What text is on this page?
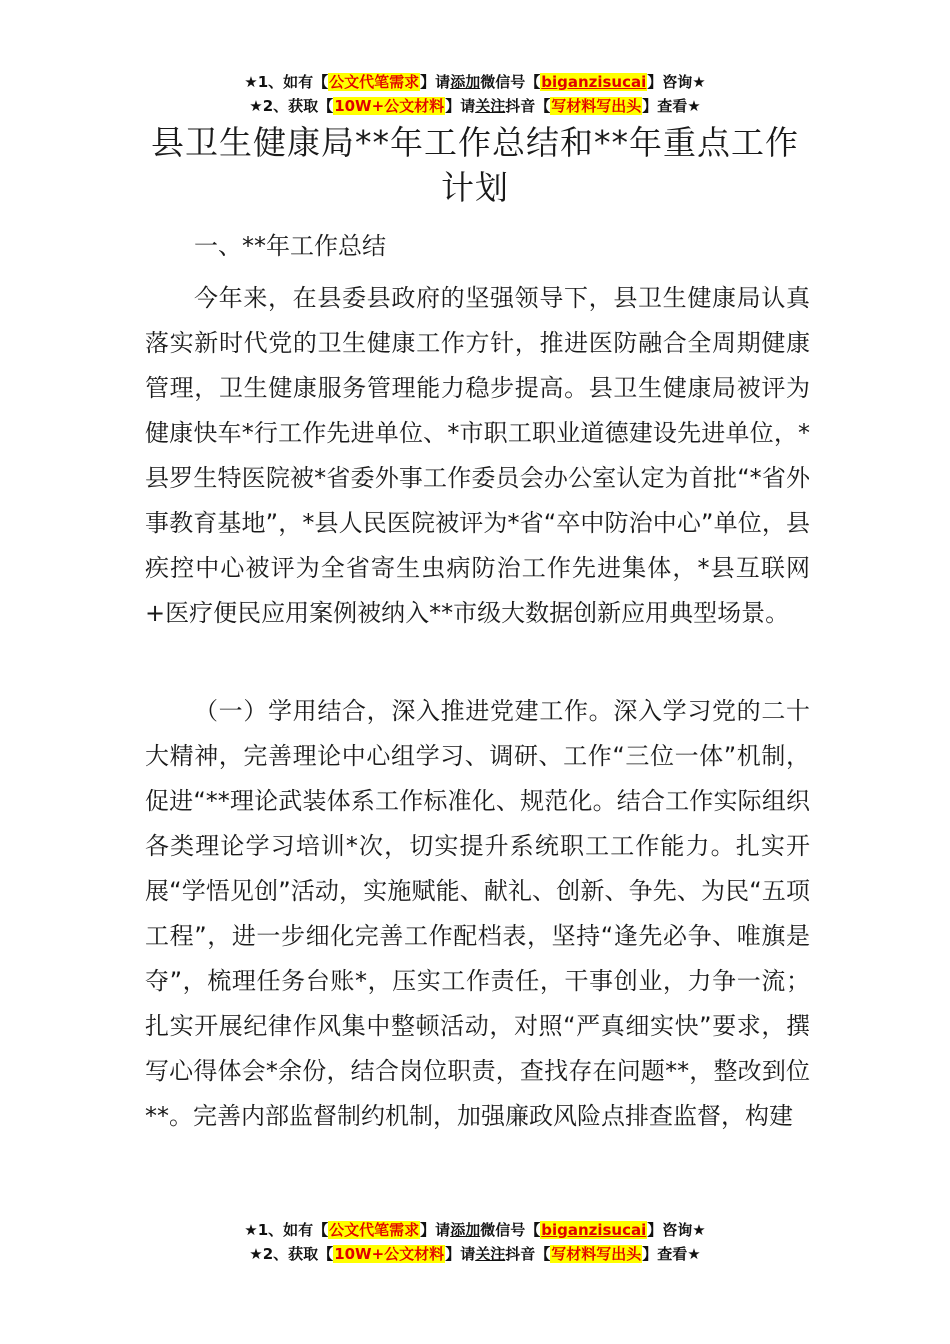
★1、如有【公文代笔需求】请添加微信号【biganzisucai】咨询★
★2、获取【10W+公文材料】请关注抖音【写材料写出头】查看★
县卫生健康局**年工作总结和**年重点工作计划
一、**年工作总结

今年来，在县委县政府的坚强领导下，县卫生健康局认真落实新时代党的卫生健康工作方针，推进医防融合全周期健康管理，卫生健康服务管理能力稳步提高。县卫生健康局被评为健康快车*行工作先进单位、*市职工职业道德建设先进单位，*县罗生特医院被*省委外事工作委员会办公室认定为首批“*省外事教育基地”，*县人民医院被评为*省“卒中防治中心”单位，县疾控中心被评为全省寄生虫病防治工作先进集体，*县互联网+医疗便民应用案例被纳入**市级大数据创新应用典型场景。

（一）学用结合，深入推进党建工作。深入学习党的二十大精神，完善理论中心组学习、调研、工作“三位一体”机制，促进“**理论武装体系工作标准化、规范化。结合工作实际组织各类理论学习培训*次，切实提升系统职工工作能力。扎实开展“学悟见创”活动，实施赋能、献礼、创新、争先、为民“五项工程”，进一步细化完善工作配档表，坚持“逢先必争、唯旗是夺”，梳理任务台账*，压实工作责任，干事创业，力争一流；扎实开展纪律作风集中整顿活动，对照“严真细实快”要求，撰写心得体会*余份，结合岗位职责，查找存在问题**，整改到位**。完善内部监督制约机制，加强廉政风险点排查监督，构建

★1、如有【公文代笔需求】请添加微信号【biganzisucai】咨询★
★2、获取【10W+公文材料】请关注抖音【写材料写出头】查看★
